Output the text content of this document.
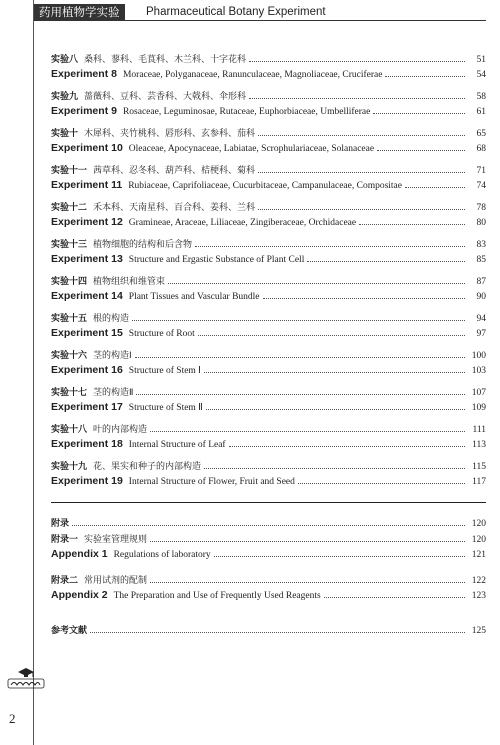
药用植物学实验	Pharmaceutical Botany Experiment
实验八 桑科、蓼科、毛茛科、木兰科、十字花科	51
Experiment 8 Moraceae, Polyganaceae, Ranunculaceae, Magnoliaceae, Cruciferae	54
实验九 蔷薇科、豆科、芸香科、大戟科、伞形科	58
Experiment 9 Rosaceae, Leguminosae, Rutaceae, Euphorbiaceae, Umbelliferae	61
实验十 木犀科、夹竹桃科、唇形科、玄参科、茄科	65
Experiment 10 Oleaceae, Apocynaceae, Labiatae, Scrophulariaceae, Solanaceae	68
实验十一 茜草科、忍冬科、葫芦科、桔梗科、菊科	71
Experiment 11 Rubiaceae, Caprifoliaceae, Cucurbitaceae, Campanulaceae, Compositae	74
实验十二 禾本科、天南星科、百合科、姜科、兰科	78
Experiment 12 Gramineae, Araceae, Liliaceae, Zingiberaceae, Orchidaceae	80
实验十三 植物细胞的结构和后含物	83
Experiment 13 Structure and Ergastic Substance of Plant Cell	85
实验十四 植物组织和维管束	87
Experiment 14 Plant Tissues and Vascular Bundle	90
实验十五 根的构造	94
Experiment 15 Structure of Root	97
实验十六 茎的构造Ⅰ	100
Experiment 16 Structure of Stem Ⅰ	103
实验十七 茎的构造Ⅱ	107
Experiment 17 Structure of Stem Ⅱ	109
实验十八 叶的内部构造	111
Experiment 18 Internal Structure of Leaf	113
实验十九 花、果实和种子的内部构造	115
Experiment 19 Internal Structure of Flower, Fruit and Seed	117
附录	120
附录一 实验室管理规则	120
Appendix 1 Regulations of laboratory	121
附录二 常用试剂的配制	122
Appendix 2 The Preparation and Use of Frequently Used Reagents	123
参考文献	125
2
